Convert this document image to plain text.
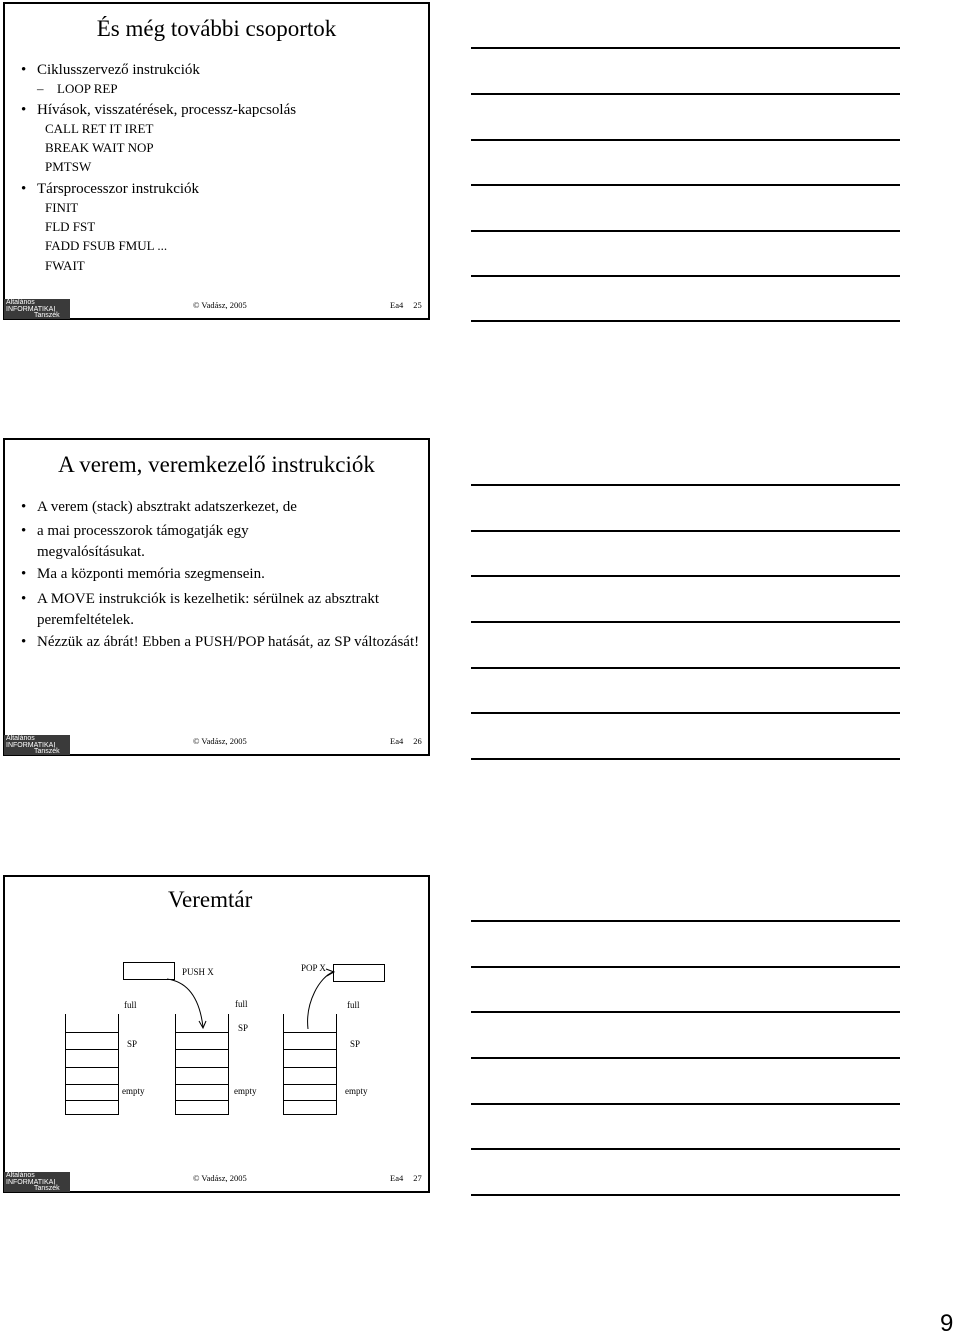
És még további csoportok
• Ciklusszervező instrukciók
– LOOP REP
• Hívások, visszatérések, processz-kapcsolás
CALL RET IT IRET
BREAK WAIT NOP
PMTSW
• Társprocesszor instrukciók
FINIT
FLD FST
FADD FSUB FMUL ...
FWAIT
Általános
INFORMATIKAI
Tanszék
© Vadász, 2005	Ea4 25
A verem, veremkezelő instrukciók
• A verem (stack) absztrakt adatszerkezet, de
• a mai processzorok támogatják egy megvalósításukat.
• Ma a központi memória szegmensein.
• A MOVE instrukciók is kezelhetik: sérülnek az absztrakt peremfeltételek.
• Nézzük az ábrát! Ebben a PUSH/POP hatását, az SP változását!
Általános
INFORMATIKAI
Tanszék
© Vadász, 2005	Ea4 26
Veremtár
PUSH X	POP X
full	full	full
SP
SP
SP
empty	empty	empty
Általános
INFORMATIKAI
Tanszék
© Vadász, 2005	Ea4 27
9
